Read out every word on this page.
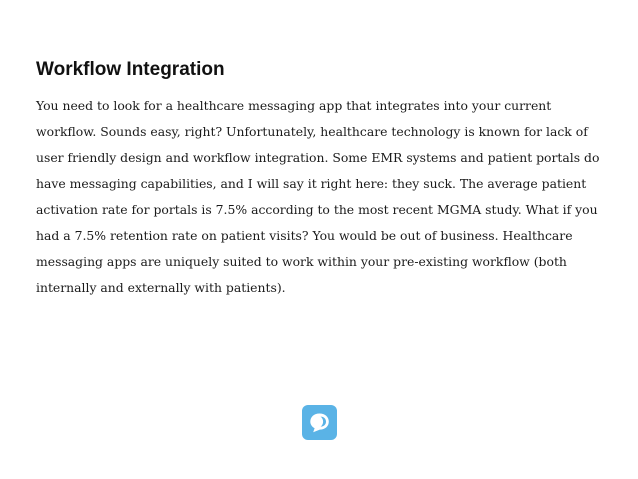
Workflow Integration

You need to look for a healthcare messaging app that integrates into your current
workflow. Sounds easy, right? Unfortunately, healthcare technology is known for lack of
user friendly design and workflow integration. Some EMR systems and patient portals do
have messaging capabilities, and I will say it right here: they suck. The average patient
activation rate for portals is 7.5% according to the most recent MGMA study. What if you
had a 7.5% retention rate on patient visits? You would be out of business. Healthcare
messaging apps are uniquely suited to work within your pre-existing workflow (both
internally and externally with patients).
